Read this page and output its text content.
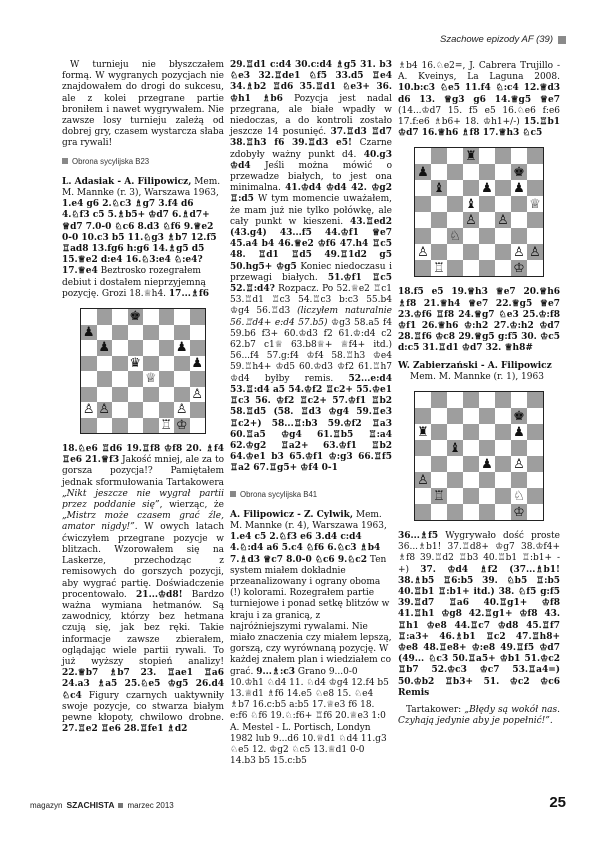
Szachowe epizody AF (39)

W turnieju nie błyszczałem formą. W wygranych pozycjach nie znajdowałem do drogi do sukcesu, ale z kolei przegrane partie broniłem i nawet wygrywałem. Nie zawsze losy turnieju zależą od dobrej gry, czasem wystarcza słaba gra rywali!

Obrona sycylijska B23

L. Adasiak - A. Filipowicz, Mem. M. Mannke (r. 3), Warszawa 1963, 1.e4 g6 2.♘c3 ♗g7 3.f4 d6 4.♘f3 c5 5.♗b5+ ♔d7 6.♗d7+ ♕d7 7.0-0 ♘c6 8.d3 ♘f6 9.♕e2 0-0 10.c3 b5 11.♘g3 ♗b7 12.f5 ♖ad8 13.fg6 h:g6 14.♗g5 d5 15.♕e2 d:e4 16.♘3:e4 ♘:e4? 17.♕e4 Beztrosko rozegrałem debiut i dostałem nieprzyjemną pozycję. Grozi 18.♕h4. 17...♗f6

♚
♟
♟	♟
♛	♟
♕
♙
♙ ♙	♙
♖ ♔

18.♘e6 ♖d6 19.♖f8 ♔f8 20. ♗f4 ♖e6 21.♕f3 Jakość mniej, ale za to gorsza pozycja!? Pamiętałem jednak sformułowania Tartakowera „Nikt jeszcze nie wygrał partii przez poddanie się”, wierząc, że „Mistrz może czasem grać źle, amator nigdy!”. W owych latach ćwiczyłem przegrane pozycje w blitzach. Wzorowałem się na Laskerze, przechodząc z remisowych do gorszych pozycji, aby wygrać partię. Doświadczenie procentowało. 21...♔d8! Bardzo ważna wymiana hetmanów. Są zawodnicy, którzy bez hetmana czują się, jak bez ręki. Takie informacje zawsze zbierałem, oglądając wiele partii rywali. To już wyższy stopień analizy! 22.♕b7 ♗b7 23. ♖ae1 ♖a6 24.a3 ♗a5 25.♘e5 ♔g5 26.d4 ♘c4 Figury czarnych uaktywniły swoje pozycje, co stwarza białym pewne kłopoty, chwilowo drobne. 27.♖e2 ♖e6 28.♖fe1 ♗d2

29.♖d1 c:d4 30.c:d4 ♗g5 31. b3 ♘e3 32.♖de1 ♘f5 33.d5 ♖e4 34.♗b2 ♖d6 35.♖d1 ♘e3+ 36. ♔h1 ♗b6 Pozycja jest nadal przegrana, ale białe wpadły w niedoczas, a do kontroli zostało jeszcze 14 posunięć. 37.♖d3 ♖d7 38.♖h3 f6 39.♖d3 e5! Czarne zdobyły ważny punkt d4. 40.g3 ♔d4 Jeśli można mówić o przewadze białych, to jest ona minimalna. 41.♔d4 ♔d4 42. ♔g2 ♖:d5 W tym momencie uważałem, że mam już nie tylko połówkę, ale cały punkt w kieszeni. 43.♖ed2 (43.g4) 43...f5 44.♔f1 ♕e7 45.a4 b4 46.♕e2 ♔f6 47.h4 ♖c5 48. ♖d1 ♖d5 49.♖1d2 g5 50.hg5+ ♔g5 Koniec niedoczasu i przewagi białych. 51.♔f1 ♖c5 52.♖:d4? Rozpacz. Po 52.♕e2 ♖c1 53.♖d1 ♖c3 54.♖c3 b:c3 55.b4 ♔g4 56.♖d3 (liczyłem naturalnie 56.♖d4+ e:d4 57.b5) ♔g3 58.a5 f4 59.b6 f3+ 60.♔d3 f2 61.♔:d4 c2 62.b7 c1♕ 63.b8♕+ ♕f4+ itd.) 56...f4 57.g:f4 ♔f4 58.♖h3 ♔e4 59.♖h4+ ♔d5 60.♔d3 ♔f2 61.♖h7 ♔d4 byłby remis. 52...e:d4 53.♖:d4 a5 54.♔f2 ♖c2+ 55.♔e1 ♖c3 56. ♔f2 ♖c2+ 57.♔f1 ♖b2 58.♖d5 (58. ♖d3 ♔g4 59.♖e3 ♖c2+) 58...♖:b3 59.♔f2 ♖a3 60.♖a5 ♔g4 61.♖b5 ♖:a4 62.♔g2 ♖a2+ 63.♔f1 ♖b2 64.♔e1 b3 65.♔f1 ♔:g3 66.♖f5 ♖a2 67.♖g5+ ♔f4 0-1

Obrona sycylijska B41

A. Filipowicz - Z. Cylwik, Mem. M. Mannke (r. 4), Warszawa 1963, 1.e4 c5 2.♘f3 e6 3.d4 c:d4 4.♘:d4 a6 5.c4 ♘f6 6.♘c3 ♗b4 7.♗d3 ♕c7 8.0-0 ♘c6 9.♘c2 Ten system miałem dokładnie przeanalizowany i ograny oboma (!) kolorami. Rozegrałem partie turniejowe i ponad setkę blitzów w kraju i za granicą, z najróżniejszymi rywalami. Nie miało znaczenia czy miałem lepszą, gorszą, czy wyrównaną pozycję. W każdej znałem plan i wiedziałem co grać. 9...♗:c3 Grano 9...0-0 10.♔h1 ♘d4 11. ♘d4 ♔g4 12.f4 b5 13.♕d1 ♗f6 14.e5 ♘e8 15. ♘e4 ♗b7 16.c:b5 a:b5 17.♕e3 f6 18. e:f6 ♘f6 19.♘:f6+ ♖f6 20.♕e3 1:0 A. Mestel - L. Portisch, Londyn 1982 lub 9...d6 10.♕d1 ♘d4 11.g3 ♘e5 12. ♔g2 ♘c5 13.♕d1 0-0 14.b3 b5 15.c:b5

♗b4 16.♘e2=, J. Cabrera Trujillo - A. Kveinys, La Laguna 2008. 10.b:c3 ♘e5 11.f4 ♘:c4 12.♕d3 d6 13. ♕g3 g6 14.♕g5 ♕e7 (14...♔d7 15. f5 e5 16.♘e6 f:e6 17.f:e6 ♗b6+ 18. ♔h1+/-) 15.♖b1 ♔d7 16.♕h6 ♗f8 17.♕h3 ♘c5

♜
♟	♚
♝	♟ ♟
♝	♕
♙ ♙
♘
♙	♙ ♙
♖	♔

18.f5 e5 19.♕h3 ♕e7 20.♕h6 ♗f8 21.♕h4 ♕e7 22.♕g5 ♕e7 23.♔f6 ♖f8 24.♕g7 ♘e3 25.♔:f8 ♔f1 26.♕h6 ♔:h2 27.♔:h2 ♔d7 28.♖f6 ♔c8 29.♕g5 g:f5 30. ♔c5 d:c5 31.♖d1 ♔d7 32. ♕h8#

W. Zabierzański - A. Filipowicz
Mem. M. Mannke (r. 1), 1963

♚
♜	♟
♝
♟ ♙
♙
♖	♘
♔

36...♗f5 Wygrywało dość proste 36...♗b1! 37.♖d8+ ♔g7 38.♔f4+ ♗f8 39.♖d2 ♖b3 40.♖b1 ♖:b1+ -+) 37. ♔d4 ♗f2 (37...♗b1! 38.♗b5 ♖6:b5 39. ♘b5 ♖:b5 40.♖b1 ♖:b1+ itd.) 38. ♘f5 g:f5 39.♖d7 ♖a6 40.♖g1+ ♔f8 41.♖h1 ♔g8 42.♖g1+ ♔f8 43. ♖h1 ♔e8 44.♖c7 ♔d8 45.♖f7 ♖:a3+ 46.♗b1 ♖c2 47.♖h8+ ♔e8 48.♖e8+ ♔:e8 49.♖f5 ♔d7 (49... ♘c3 50.♖a5+ ♔b1 51.♔c2 ♖b7 52.♔c3 ♔c7 53.♖a4=) 50.♔b2 ♖b3+ 51. ♔c2 ♔c6 Remis

Tartakower: „Błędy są wokół nas. Czyhają jedynie aby je popełnić!”.

magazyn SZACHISTA marzec 2013	25
